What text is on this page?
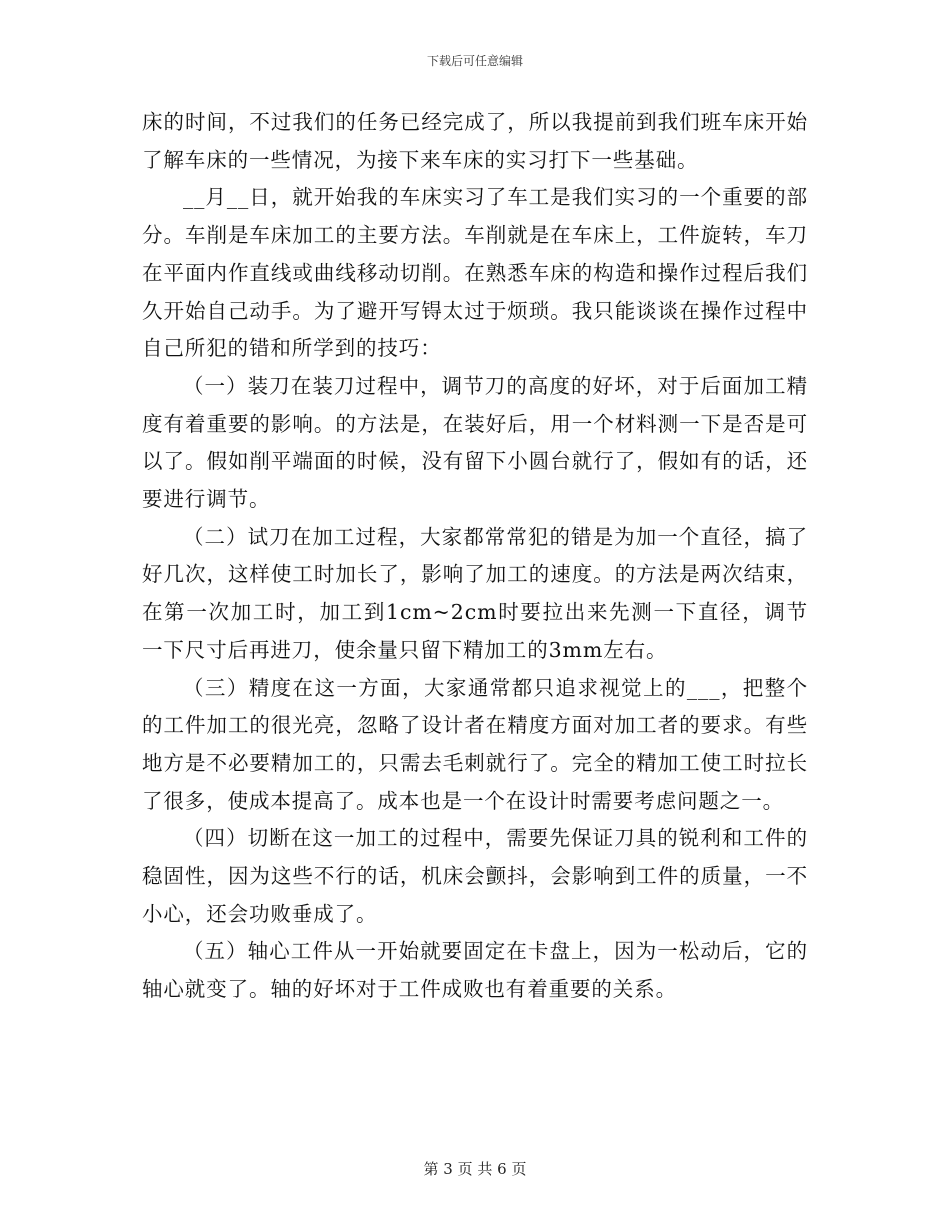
下载后可任意编辑

床的时间，不过我们的任务已经完成了，所以我提前到我们班车床开始了解车床的一些情况，为接下来车床的实习打下一些基础。

__月__日，就开始我的车床实习了车工是我们实习的一个重要的部分。车削是车床加工的主要方法。车削就是在车床上，工件旋转，车刀在平面内作直线或曲线移动切削。在熟悉车床的构造和操作过程后我们久开始自己动手。为了避开写锝太过于烦琐。我只能谈谈在操作过程中自己所犯的错和所学到的技巧：

（一）装刀在装刀过程中，调节刀的高度的好坏，对于后面加工精度有着重要的影响。的方法是，在装好后，用一个材料测一下是否是可以了。假如削平端面的时候，没有留下小圆台就行了，假如有的话，还要进行调节。

（二）试刀在加工过程，大家都常常犯的错是为加一个直径，搞了好几次，这样使工时加长了，影响了加工的速度。的方法是两次结束，在第一次加工时，加工到1cm~2cm时要拉出来先测一下直径，调节一下尺寸后再进刀，使余量只留下精加工的3mm左右。

（三）精度在这一方面，大家通常都只追求视觉上的___，把整个的工件加工的很光亮，忽略了设计者在精度方面对加工者的要求。有些地方是不必要精加工的，只需去毛刺就行了。完全的精加工使工时拉长了很多，使成本提高了。成本也是一个在设计时需要考虑问题之一。

（四）切断在这一加工的过程中，需要先保证刀具的锐利和工件的稳固性，因为这些不行的话，机床会颤抖，会影响到工件的质量，一不小心，还会功败垂成了。

（五）轴心工件从一开始就要固定在卡盘上，因为一松动后，它的轴心就变了。轴的好坏对于工件成败也有着重要的关系。

第 3 页 共 6 页
